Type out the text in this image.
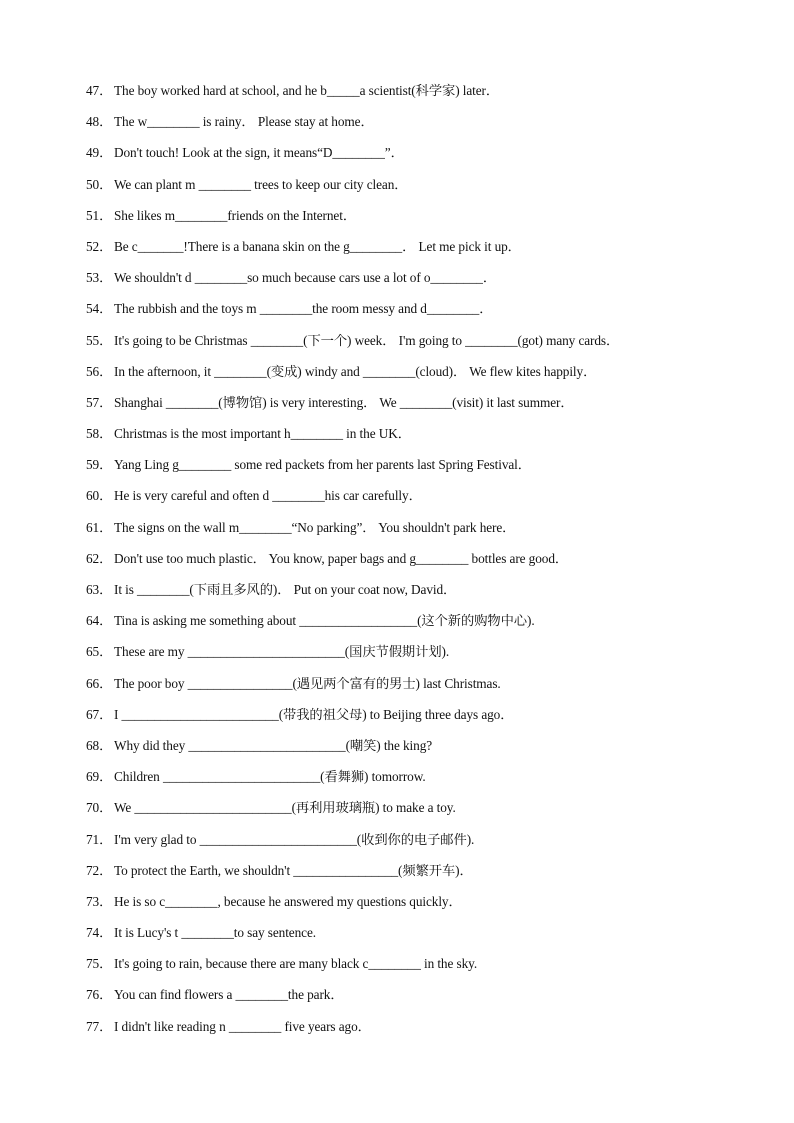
47． The boy worked hard at school, and he b_____a scientist(科学家) later．
48． The w________ is rainy． Please stay at home．
49． Don't touch! Look at the sign, it means“D________”．
50． We can plant m ________ trees to keep our city clean．
51． She likes m________friends on the Internet．
52． Be c_______!There is a banana skin on the g________． Let me pick it up．
53． We shouldn't d ________so much because cars use a lot of o________．
54． The rubbish and the toys m ________the room messy and d________．
55． It's going to be Christmas ________(下一个) week． I'm going to ________(got) many cards．
56． In the afternoon, it ________(变成) windy and ________(cloud)． We flew kites happily．
57． Shanghai ________(博物馆) is very interesting． We ________(visit) it last summer．
58． Christmas is the most important h________ in the UK．
59． Yang Ling g________ some red packets from her parents last Spring Festival．
60． He is very careful and often d ________his car carefully．
61． The signs on the wall m________“No parking”． You shouldn't park here．
62． Don't use too much plastic． You know, paper bags and g________ bottles are good．
63． It is ________(下雨且多风的)． Put on your coat now, David．
64． Tina is asking me something about __________________(这个新的购物中心).
65． These are my ________________________(国庆节假期计划).
66． The poor boy ________________(遇见两个富有的男士) last Christmas.
67． I ________________________(带我的祖父母) to Beijing three days ago．
68． Why did they ________________________(嘲笑) the king?
69． Children ________________________(看舞狮) tomorrow.
70． We ________________________(再利用玻璃瓶) to make a toy.
71． I'm very glad to ________________________(收到你的电子邮件).
72． To protect the Earth, we shouldn't ________________(频繁开车)．
73． He is so c________, because he answered my questions quickly．
74． It is Lucy's t ________to say sentence.
75． It's going to rain, because there are many black c________ in the sky.
76． You can find flowers a ________the park．
77． I didn't like reading n ________ five years ago．
